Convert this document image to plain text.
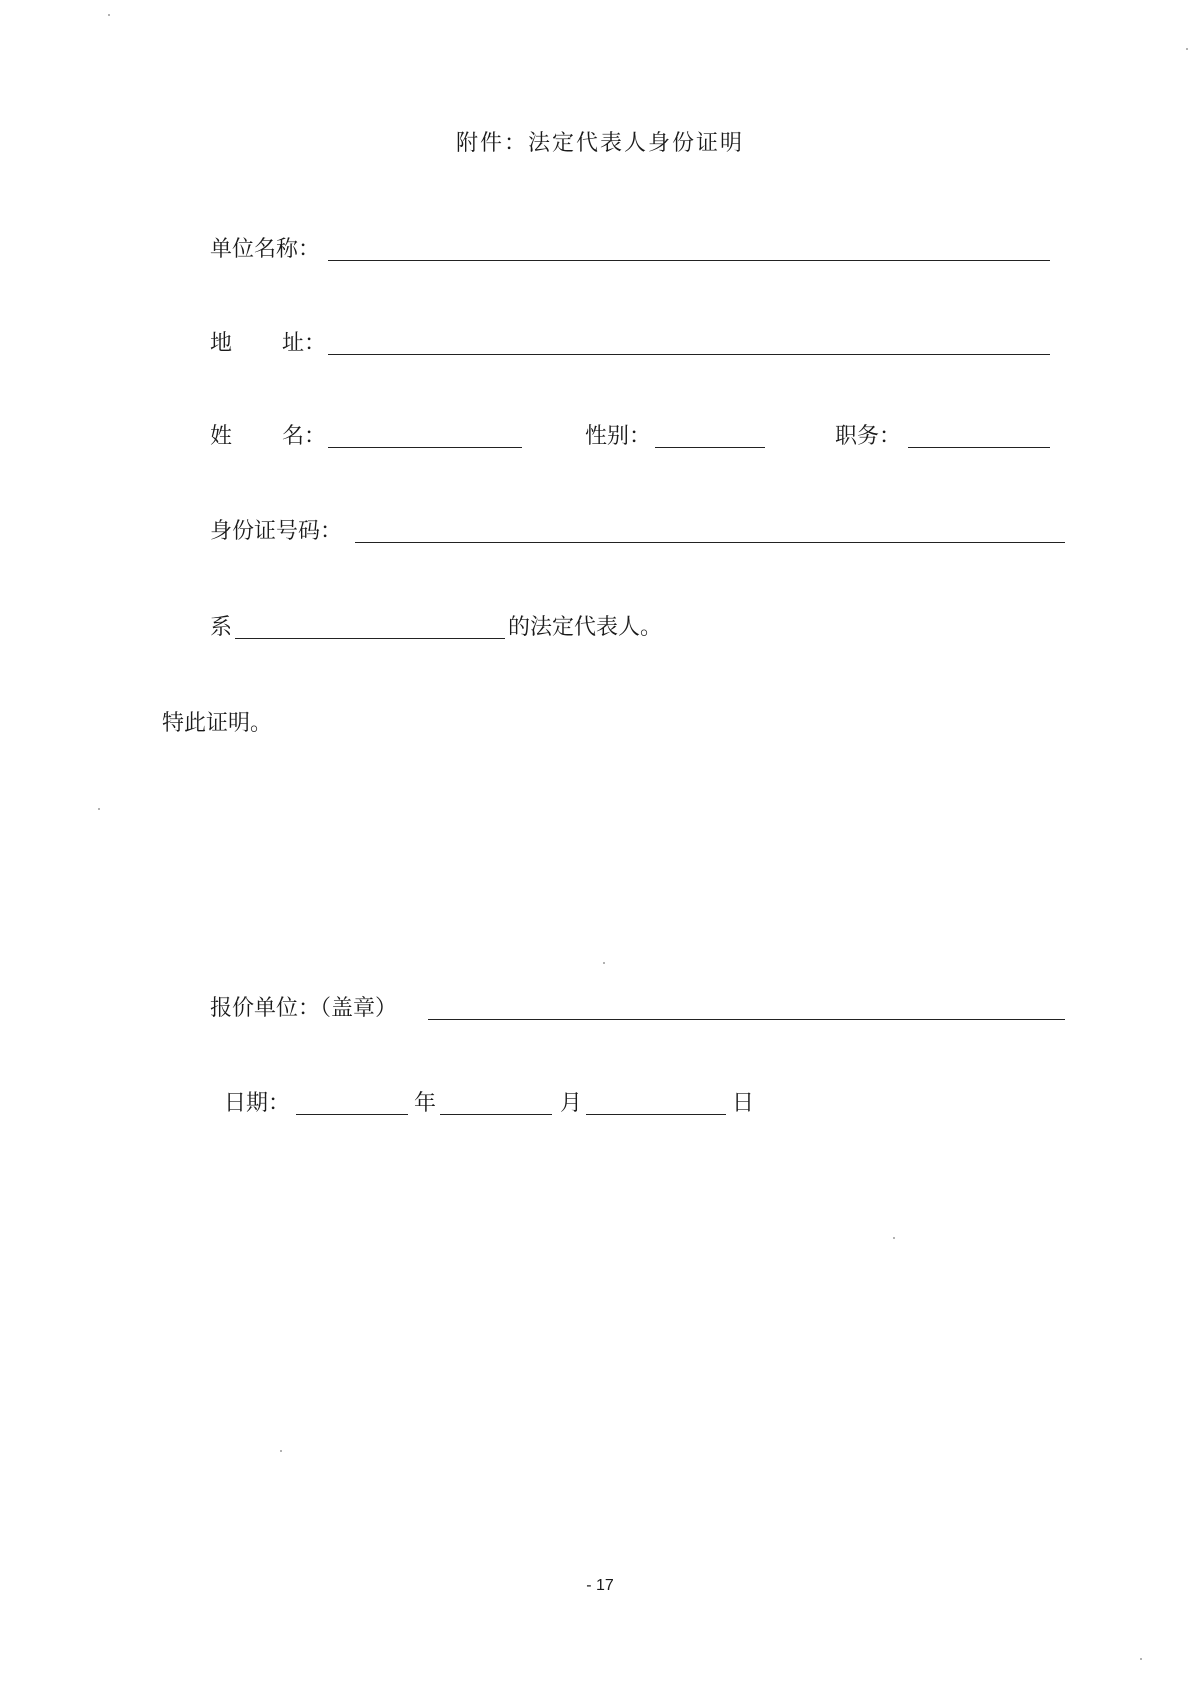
附件：法定代表人身份证明
单位名称：
地 址：
姓 名：	性别：	职务：
身份证号码：
系	的法定代表人。
特此证明。
报价单位：（盖章）
日期：	年	月	日
- 17
